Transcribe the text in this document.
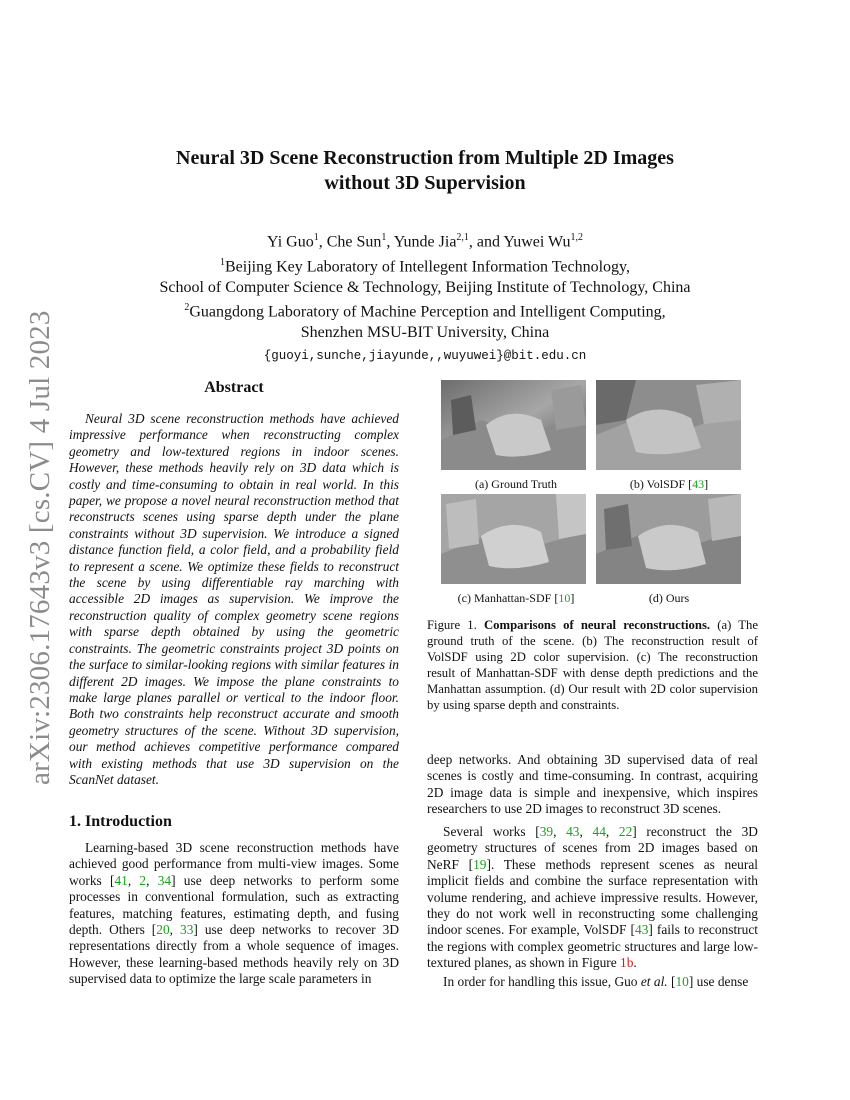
arXiv:2306.17643v3 [cs.CV] 4 Jul 2023
Neural 3D Scene Reconstruction from Multiple 2D Images
without 3D Supervision
Yi Guo$^1$, Che Sun$^1$, Yunde Jia$^{2,1}$, and Yuwei Wu$^{1,2}$
$^1$Beijing Key Laboratory of Intellegent Information Technology,
School of Computer Science & Technology, Beijing Institute of Technology, China
$^2$Guangdong Laboratory of Machine Perception and Intelligent Computing,
Shenzhen MSU-BIT University, China
{guoyi,sunche,jiayunde,,wuyuwei}@bit.edu.cn
Abstract
Neural 3D scene reconstruction methods have achieved impressive performance when reconstructing complex geometry and low-textured regions in indoor scenes. However, these methods heavily rely on 3D data which is costly and time-consuming to obtain in real world. In this paper, we propose a novel neural reconstruction method that reconstructs scenes using sparse depth under the plane constraints without 3D supervision. We introduce a signed distance function field, a color field, and a probability field to represent a scene. We optimize these fields to reconstruct the scene by using differentiable ray marching with accessible 2D images as supervision. We improve the reconstruction quality of complex geometry scene regions with sparse depth obtained by using the geometric constraints. The geometric constraints project 3D points on the surface to similar-looking regions with similar features in different 2D images. We impose the plane constraints to make large planes parallel or vertical to the indoor floor. Both two constraints help reconstruct accurate and smooth geometry structures of the scene. Without 3D supervision, our method achieves competitive performance compared with existing methods that use 3D supervision on the ScanNet dataset.
1. Introduction
Learning-based 3D scene reconstruction methods have achieved good performance from multi-view images. Some works [41, 2, 34] use deep networks to perform some processes in conventional formulation, such as extracting features, matching features, estimating depth, and fusing depth. Others [20, 33] use deep networks to recover 3D representations directly from a whole sequence of images. However, these learning-based methods heavily rely on 3D supervised data to optimize the large scale parameters in
(a) Ground Truth	(b) VolSDF [43]
(c) Manhattan-SDF [10]	(d) Ours
Figure 1. Comparisons of neural reconstructions. (a) The ground truth of the scene. (b) The reconstruction result of VolSDF using 2D color supervision. (c) The reconstruction result of Manhattan-SDF with dense depth predictions and the Manhattan assumption. (d) Our result with 2D color supervision by using sparse depth and constraints.
deep networks. And obtaining 3D supervised data of real scenes is costly and time-consuming. In contrast, acquiring 2D image data is simple and inexpensive, which inspires researchers to use 2D images to reconstruct 3D scenes.
Several works [39, 43, 44, 22] reconstruct the 3D geometry structures of scenes from 2D images based on NeRF [19]. These methods represent scenes as neural implicit fields and combine the surface representation with volume rendering, and achieve impressive results. However, they do not work well in reconstructing some challenging indoor scenes. For example, VolSDF [43] fails to reconstruct the regions with complex geometric structures and large low-textured planes, as shown in Figure 1b.
In order for handling this issue, Guo et al. [10] use dense
